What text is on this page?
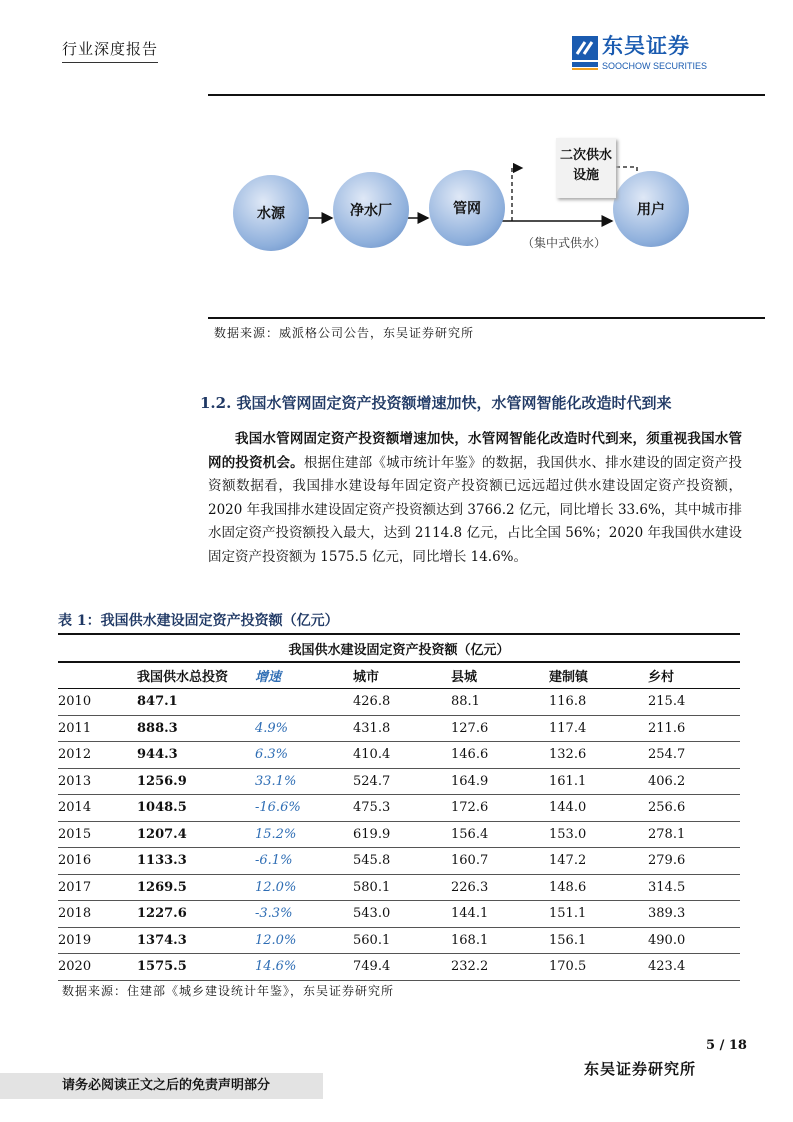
行业深度报告	东吴证券
SOOCHOW SECURITIES
水源	净水厂	管网	用户
二次供水设施
（集中式供水）
数据来源：威派格公司公告，东吴证券研究所
1.2. 我国水管网固定资产投资额增速加快，水管网智能化改造时代到来
我国水管网固定资产投资额增速加快，水管网智能化改造时代到来，须重视我国水管网的投资机会。根据住建部《城市统计年鉴》的数据，我国供水、排水建设的固定资产投资额数据看，我国排水建设每年固定资产投资额已远远超过供水建设固定资产投资额，2020 年我国排水建设固定资产投资额达到 3766.2 亿元，同比增长 33.6%，其中城市排水固定资产投资额投入最大，达到 2114.8 亿元，占比全国 56%；2020 年我国供水建设固定资产投资额为 1575.5 亿元，同比增长 14.6%。
表 1：我国供水建设固定资产投资额（亿元）
我国供水建设固定资产投资额（亿元）						
	我国供水总投资	增速	城市	县城	建制镇	乡村
2010	847.1		426.8	88.1	116.8	215.4
2011	888.3	4.9%	431.8	127.6	117.4	211.6
2012	944.3	6.3%	410.4	146.6	132.6	254.7
2013	1256.9	33.1%	524.7	164.9	161.1	406.2
2014	1048.5	-16.6%	475.3	172.6	144.0	256.6
2015	1207.4	15.2%	619.9	156.4	153.0	278.1
2016	1133.3	-6.1%	545.8	160.7	147.2	279.6
2017	1269.5	12.0%	580.1	226.3	148.6	314.5
2018	1227.6	-3.3%	543.0	144.1	151.1	389.3
2019	1374.3	12.0%	560.1	168.1	156.1	490.0
2020	1575.5	14.6%	749.4	232.2	170.5	423.4
数据来源：住建部《城乡建设统计年鉴》，东吴证券研究所
5 / 18
请务必阅读正文之后的免责声明部分
东吴证券研究所
